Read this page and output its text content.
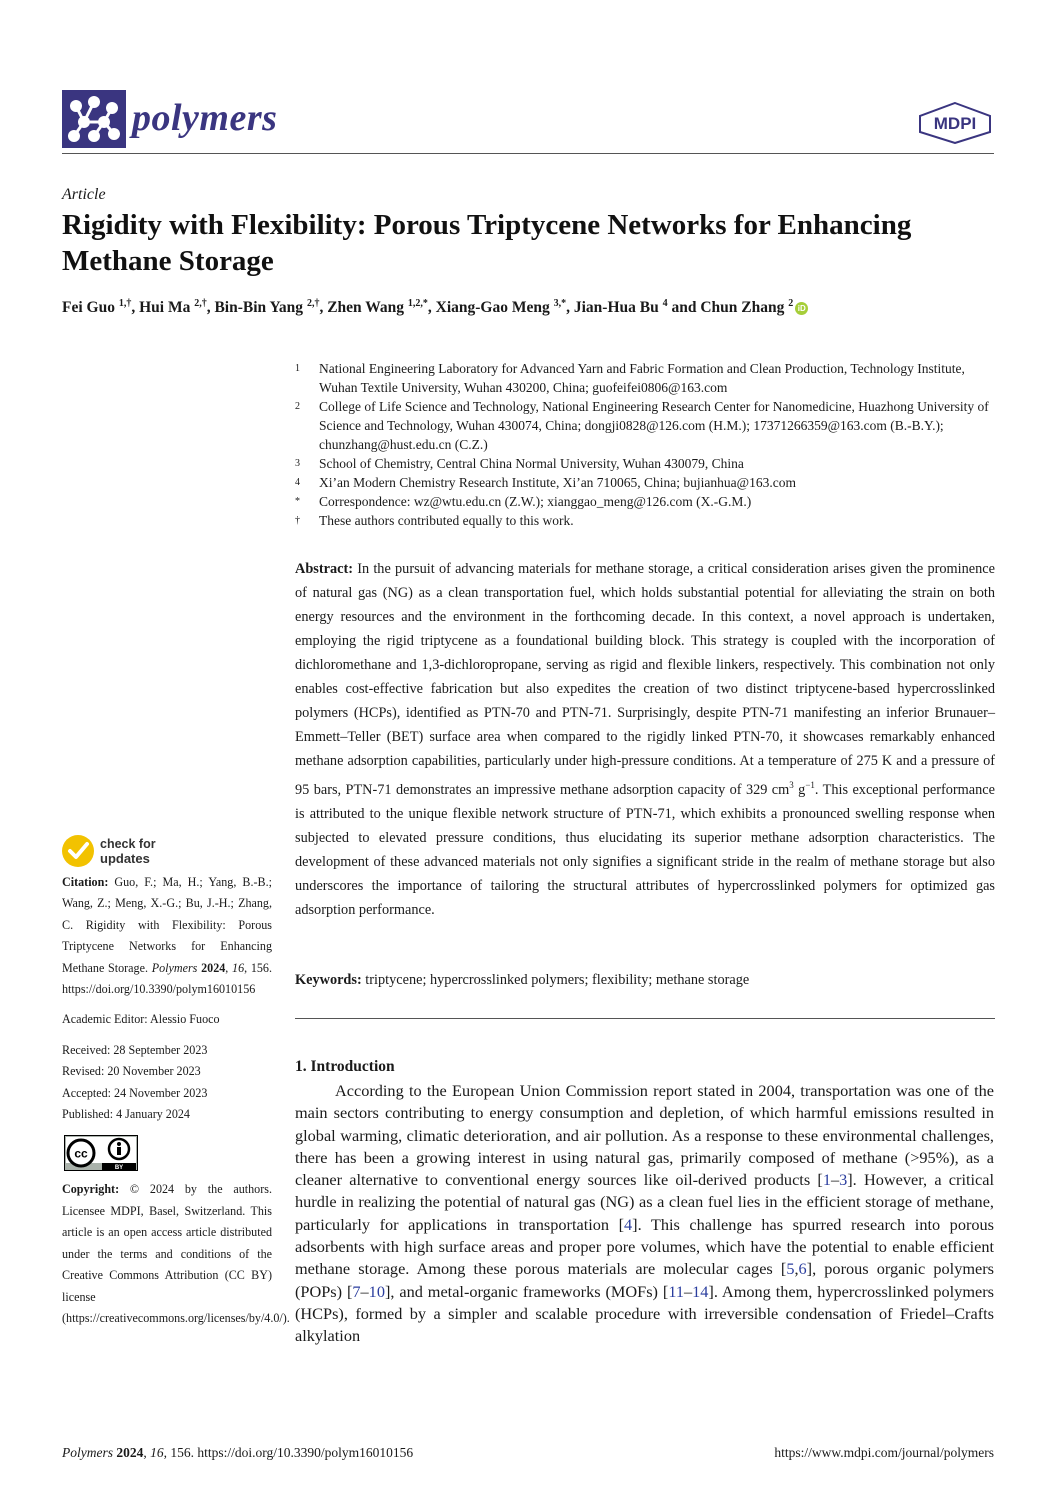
polymers	MDPI
Article
Rigidity with Flexibility: Porous Triptycene Networks for Enhancing Methane Storage
Fei Guo $^{1,\dagger}$, Hui Ma $^{2,\dagger}$, Bin-Bin Yang $^{2,\dagger}$, Zhen Wang $^{1,2,*}$, Xiang-Gao Meng $^{3,*}$, Jian-Hua Bu $^4$ and Chun Zhang $^2$ iD
1	National Engineering Laboratory for Advanced Yarn and Fabric Formation and Clean Production, Technology Institute, Wuhan Textile University, Wuhan 430200, China; guofeifei0806@163.com
2	College of Life Science and Technology, National Engineering Research Center for Nanomedicine, Huazhong University of Science and Technology, Wuhan 430074, China; dongji0828@126.com (H.M.); 17371266359@163.com (B.-B.Y.); chunzhang@hust.edu.cn (C.Z.)
3	School of Chemistry, Central China Normal University, Wuhan 430079, China
4	Xi’an Modern Chemistry Research Institute, Xi’an 710065, China; bujianhua@163.com
*	Correspondence: wz@wtu.edu.cn (Z.W.); xianggao_meng@126.com (X.-G.M.)
†	These authors contributed equally to this work.
Abstract: In the pursuit of advancing materials for methane storage, a critical consideration arises given the prominence of natural gas (NG) as a clean transportation fuel, which holds substantial potential for alleviating the strain on both energy resources and the environment in the forthcoming decade. In this context, a novel approach is undertaken, employing the rigid triptycene as a foundational building block. This strategy is coupled with the incorporation of dichloromethane and 1,3-dichloropropane, serving as rigid and flexible linkers, respectively. This combination not only enables cost-effective fabrication but also expedites the creation of two distinct triptycene-based hypercrosslinked polymers (HCPs), identified as PTN-70 and PTN-71. Surprisingly, despite PTN-71 manifesting an inferior Brunauer–Emmett–Teller (BET) surface area when compared to the rigidly linked PTN-70, it showcases remarkably enhanced methane adsorption capabilities, particularly under high-pressure conditions. At a temperature of 275 K and a pressure of 95 bars, PTN-71 demonstrates an impressive methane adsorption capacity of 329 $cm^3$ $g^{-1}$. This exceptional performance is attributed to the unique flexible network structure of PTN-71, which exhibits a pronounced swelling response when subjected to elevated pressure conditions, thus elucidating its superior methane adsorption characteristics. The development of these advanced materials not only signifies a significant stride in the realm of methane storage but also underscores the importance of tailoring the structural attributes of hypercrosslinked polymers for optimized gas adsorption performance.
Keywords: triptycene; hypercrosslinked polymers; flexibility; methane storage
check for
updates
Citation: Guo, F.; Ma, H.; Yang, B.-B.; Wang, Z.; Meng, X.-G.; Bu, J.-H.; Zhang, C. Rigidity with Flexibility: Porous Triptycene Networks for Enhancing Methane Storage. Polymers 2024, 16, 156. https://doi.org/10.3390/polym16010156
Academic Editor: Alessio Fuoco
Received: 28 September 2023
Revised: 20 November 2023
Accepted: 24 November 2023
Published: 4 January 2024
cc
BY
Copyright: © 2024 by the authors. Licensee MDPI, Basel, Switzerland. This article is an open access article distributed under the terms and conditions of the Creative Commons Attribution (CC BY) license (https://creativecommons.org/licenses/by/4.0/).
1. Introduction
According to the European Union Commission report stated in 2004, transportation was one of the main sectors contributing to energy consumption and depletion, of which harmful emissions resulted in global warming, climatic deterioration, and air pollution. As a response to these environmental challenges, there has been a growing interest in using natural gas, primarily composed of methane (>95%), as a cleaner alternative to conventional energy sources like oil-derived products [1–3]. However, a critical hurdle in realizing the potential of natural gas (NG) as a clean fuel lies in the efficient storage of methane, particularly for applications in transportation [4]. This challenge has spurred research into porous adsorbents with high surface areas and proper pore volumes, which have the potential to enable efficient methane storage. Among these porous materials are molecular cages [5,6], porous organic polymers (POPs) [7–10], and metal-organic frameworks (MOFs) [11–14]. Among them, hypercrosslinked polymers (HCPs), formed by a simpler and scalable procedure with irreversible condensation of Friedel–Crafts alkylation
Polymers 2024, 16, 156. https://doi.org/10.3390/polym16010156	https://www.mdpi.com/journal/polymers
